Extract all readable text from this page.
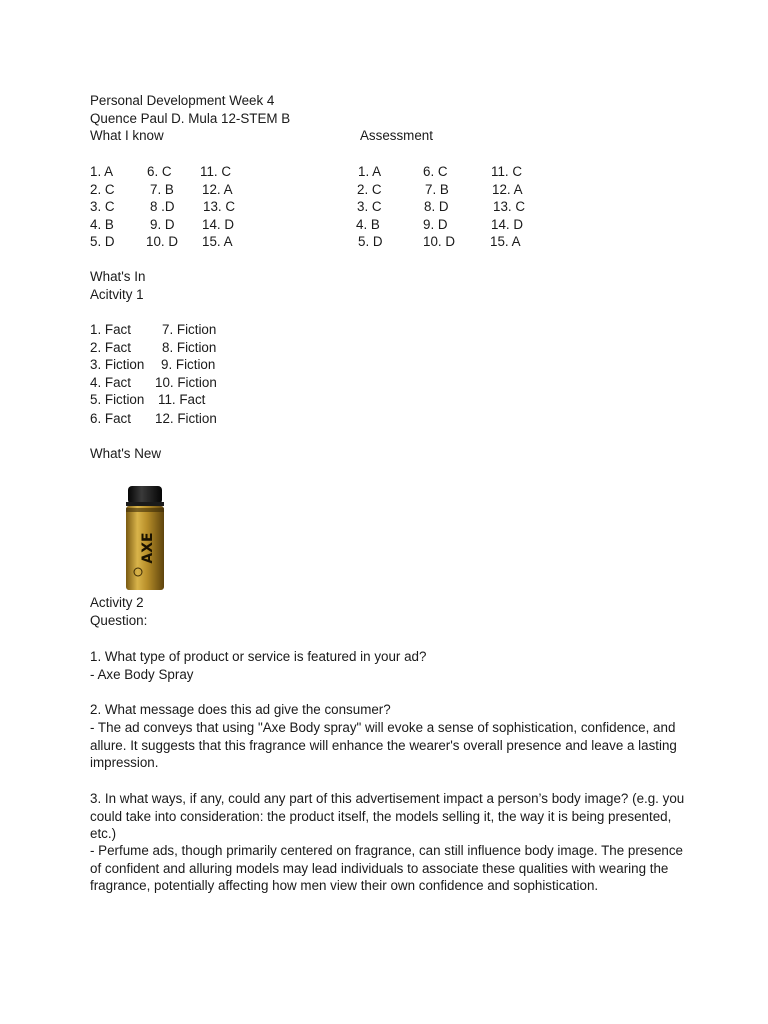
Personal Development Week 4
Quence Paul D. Mula 12-STEM B
What I know
1. A
2. C
3. C
4. B
5. D
6. C
7. B
8 .D
9. D
10. D
11. C
12. A
13. C
14. D
15. A
Assessment
1. A
2. C
3. C
4. B
5. D
6. C
7. B
8. D
9. D
10. D
11. C
12. A
13. C
14. D
15. A
What's In
Acitvity 1
1. Fact
2. Fact
3. Fiction
4. Fact
5. Fiction
6. Fact
7. Fiction
8. Fiction
9. Fiction
10. Fiction
11. Fact
12. Fiction
What's New
AXE
Activity 2
Question:
1. What type of product or service is featured in your ad?
- Axe Body Spray
2. What message does this ad give the consumer?
- The ad conveys that using "Axe Body spray" will evoke a sense of sophistication, confidence, and allure. It suggests that this fragrance will enhance the wearer's overall presence and leave a lasting impression.
3. In what ways, if any, could any part of this advertisement impact a person’s body image? (e.g. you could take into consideration: the product itself, the models selling it, the way it is being presented, etc.)
- Perfume ads, though primarily centered on fragrance, can still influence body image. The presence of confident and alluring models may lead individuals to associate these qualities with wearing the fragrance, potentially affecting how men view their own confidence and sophistication.
